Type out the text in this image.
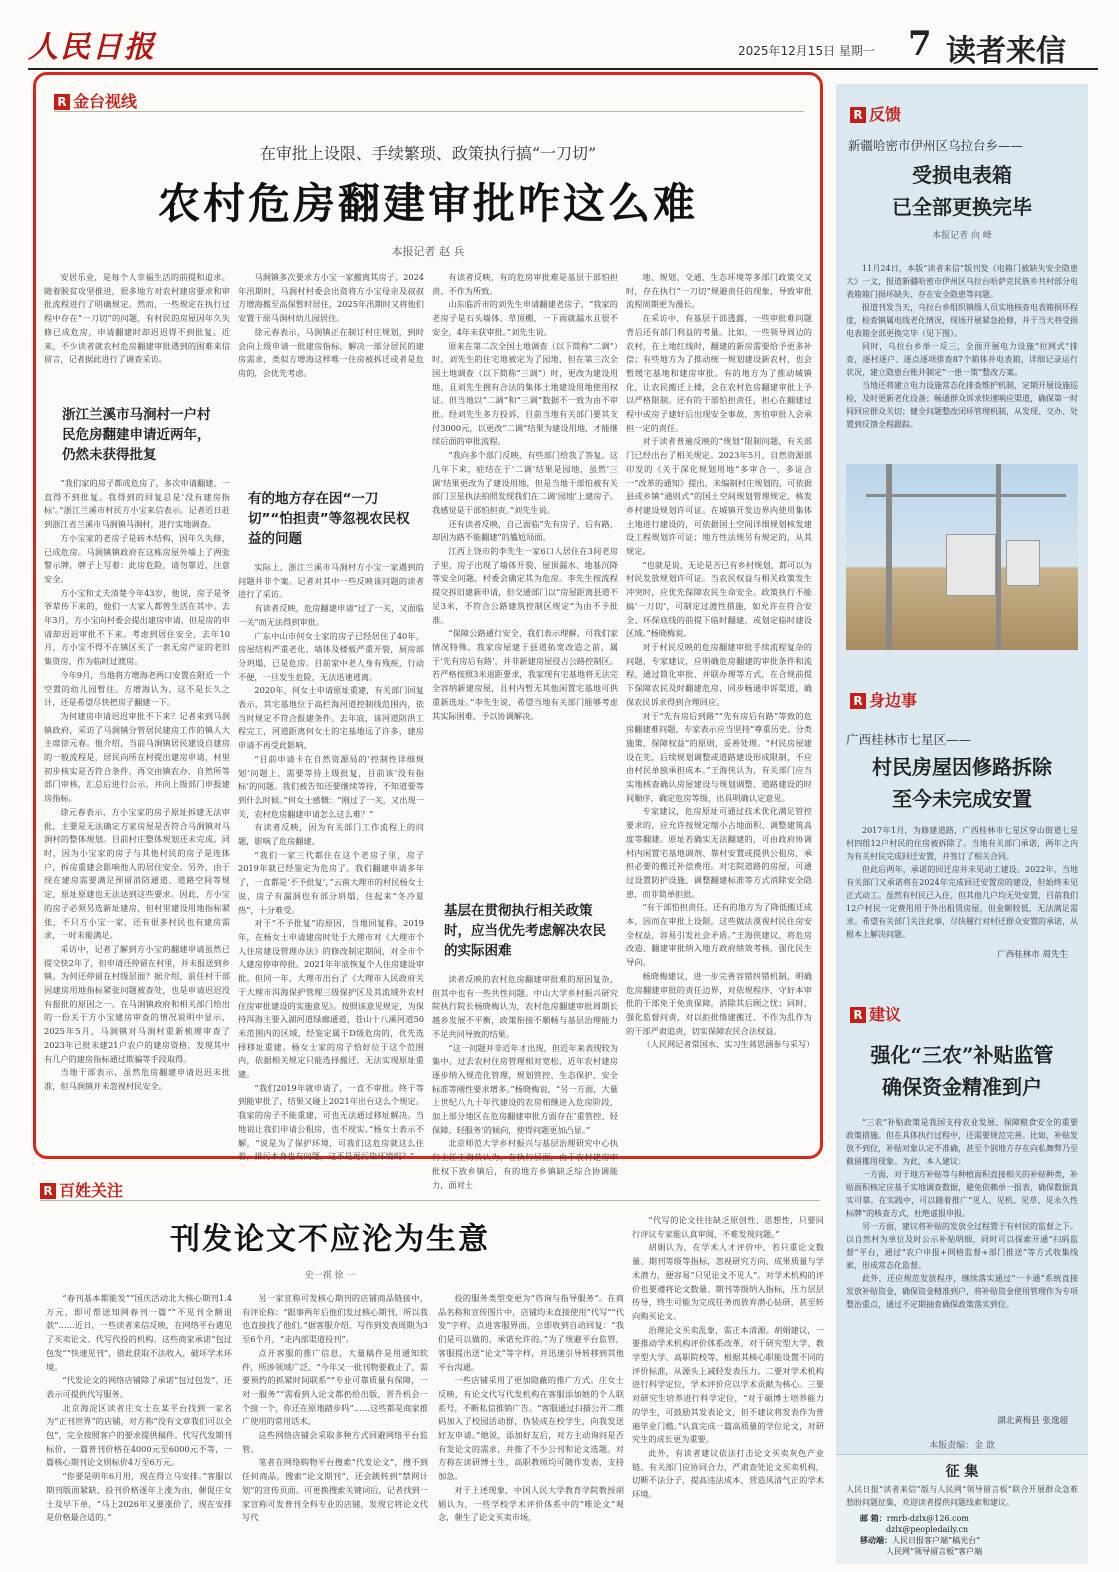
人民日报	2025年12月15日 星期一 7 读者来信
R 金台视线
在审批上设限、手续繁琐、政策执行搞“一刀切”
农村危房翻建审批咋这么难
本报记者 赵 兵

安居乐业，是每个人幸福生活的前提和追求。随着脱贫攻坚推进，很多地方对农村建房要求和审批流程进行了明确规定。然而，一些规定在执行过程中存在“一刀切”的问题，有村民的房屋因年久失修已成危房，申请翻建时却迟迟得不到批复。近来，不少读者就农村危房翻建审批遇到的困难来信留言，记者据此进行了调查采访。

浙江兰溪市马涧村一户村民危房翻建申请近两年，仍然未获得批复

“我们家的房子都成危房了，多次申请翻建，一直得不到批复。我得到的回复总是‘没有建房指标’。”浙江兰溪市村民方小宝来信表示。记者近日赶到浙江省兰溪市马涧镇马涧村，进行实地调查。

方小宝家的老房子是砖木结构，因年久失修，已成危房。马涧镇镇政府在这栋房屋外墙上了两张警示牌，牌子上写着：此房危险，请勿靠近，注意安全。

方小宝和丈夫清楚今年43岁，他说，房子是爷爷辈传下来的，他们一大家人都曾生活在其中。去年3月，方小宝向村委会提出建房申请，但是房的申请却迟迟审批不下来。考虑到居住安全，去年10月，方小宝不得不在镇区买了一套无房产证的老旧集资房，作为临时过渡房。

今年9月，当地将方增海老两口安置在附近一个空置的幼儿园暂住。方增海认为，这不是长久之计，还是希望尽快把房子翻建一下。

为何建房申请迟迟审批不下来？记者来到马涧镇政府，采访了马涧镇分管居民建房工作的镇人大主席徐元春。他介绍，当前马涧镇居民建设自建房的一般流程是，居民向所在村提出建房申请，村里初步核实是否符合条件，再交由镇农办、自然所等部门审核，汇总后进行公示，并向上级部门申报建房指标。

徐元春表示，方小宝家的房子原址拆建无法审批，主要是无法确定方家房屋是否符合马涧镇对马涧村的整体规划。目前村庄整体规划还未完成。同时，因为小宝家的房子与其他村民的房子是连体户，拆房重建会影响他人的居住安全。另外，由于现在建房需要满足预留消防通道、道路空间等规定，原址原建也无法达到这些要求。因此，方小宝的房子必须另选新址建房，但村里建设用地指标紧张，不只方小宝一家，还有很多村民也有建房需求，一时未能满足。

采访中，记者了解到方小宝的翻建申请虽然已提交快2年了，但申请还停留在村里，并未报送到乡镇。为何还停留在村级层面？据介绍，前任村干部因建房用地指标紧张问题被查处，也是申请迟迟没有报批的原因之一。在马涧镇政府和相关部门给出的一份关于方小宝建房审查的情况说明中显示，2025年5月，马涧镇对马涧村重新梳理审查了2023年已批未建21户农户的建房资格，发现其中有几户的建房指标通过欺骗等手段取得。

当地干部表示，虽然危房翻建申请迟迟未批准，但马涧镇并未忽视村民安全。

马涧镇多次要求方小宝一家搬离其房子。2024年汛期时，马涧村村委会出资将方小宝母亲及叔叔方增海搬至高保暂时居住，2025年汛期时又将他们安置于原马涧村幼儿园居住。

徐元春表示，马涧镇正在制订村庄规划，到时会向上级申请一批建房指标，解决一部分居民的建房需求，类似方增海这样唯一住房被拆迁或者是危房的，会优先考虑。

有的地方存在因“一刀切”“怕担责”等忽视农民权益的问题

实际上，浙江兰溪市马涧村方小宝一家遇到的问题并非个案。记者对其中一些反映该问题的读者进行了采访。

有读者反映，危房翻建申请“过了一关，又面临一关”而无法得到审批。

广东中山市何女士家的房子已经居住了40年，房屋结构严重老化，墙体及楼板严重开裂，厨房部分坍塌，已是危房。目前家中老人身有残疾，行动不便，一旦发生危险，无法迅速逃离。

2020年，何女士申请原址重建，有关部门回复表示，其宅基地位于高栏海河道控制线范围内，依当时规定不符合报建条件。去年底，该河道防洪工程完工，河道距离何女士的宅基地远了许多，建房申请不再受此影响。

“目前申请卡在自然资源局的‘控制性详细规划’问题上，需要等待上级批复，目前该‘没有指标’的问题。我们被告知还要继续等待，不知道要等到什么时候。”何女士感慨：“刚过了一关，又出现一关，农村危房翻建申请怎么这么难？”

有读者反映，因为有关部门工作流程上的问题，影响了危房翻建。

“我们一家三代都住在这个老房子里，房子2019年就已经鉴定为危房了。我们翻建申请多年了，一直都是‘不予批复’，”云南大理市的村民杨女士说，房子有漏洞也有部分坍塌，住起来“冬冷夏热”，十分难受。

对于“不予批复”的原因，当地回复称，2019年，在杨女士申请建房时处于大理市对《大理市个人住房建设管理办法》的修改制定期间，对全市个人建房停审停批。2021年年底恢复个人住房建设审批。但同一年，大理市出台了《大理市人民政府关于大理市洱海保护管理三级保护区及其流域外农村住房审批建设的实施意见》。按照该意见规定，为保持洱海主要入湖河道绿廊通道，苍山十八溪河道50米范围内的区域，经鉴定属于D级危房的，优先选择移址重建。杨女士家的房子恰好位于这个范围内，依据相关规定只能选择搬迁，无法实现原址重建。

“我们2019年就申请了，一直不审批。终于等到能审批了，结果又碰上2021年出台这么个规定。我家的房子不能重建，可也无法通过移址解决。当地说让我们申请公租房，也不现实。”杨女士表示不解，“说是为了保护环境，可我们这危房就这么住着，排污本身也有问题，这不是更污染环境吗？”

有读者反映，有的危房审批难是基层干部怕担责、不作为所致。

山东临沂市的刘先生申请翻建老房子，“我家的老房子是石头墙体、草顶棚，一下雨就漏水且很不安全，4年未获审批。”刘先生说。

原来在第二次全国土地调查（以下简称“二调”）时，刘先生的住宅地被定为了园地，但在第三次全国土地调查（以下简称“三调”）时，更改为建设用地，且刘先生拥有合法的集体土地建设用地使用权证。但当地以“二调”和“三调”数据不一致为由不审批。经刘先生多方投诉，目前当地有关部门要其支付3000元，以更改“二调”结果为建设用地，才能继续后面的审批流程。

“我向多个部门反映，有些部门给我了答复。这几年下来，症结在于‘二调’结果是园地，虽然‘三调’结果更改为了建设用地，但是当地干部怕被有关部门卫星执法拍照发现我们在二调‘园地’上建房子。我感觉是干部怕担责。”刘先生说。

还有读者反映，自己面临“先有房子，后有路，却因为路不能翻建”的尴尬局面。

江西上饶市的李先生一家6口人居住在3间老房子里，房子出现了墙体开裂、屋顶漏水、地基沉降等安全问题，村委会确定其为危房。李先生按流程提交拆旧建新申请，但交通部门以“房屋距离县道不足3米，不符合公路建筑控制区规定”为由不予批准。

“保障公路通行安全，我们表示理解，可我们家情况特殊。我家房屋建于县道拓宽改造之前，属于‘先有房后有路’，并非新建房屋侵占公路控制区。若严格按照3米退距要求，我家现有宅基地将无法完全容纳新建房屋，且村内暂无其他闲置宅基地可供重新选址。”李先生说，希望当地有关部门能够考虑其实际困难，予以协调解决。

基层在贯彻执行相关政策时，应当优先考虑解决农民的实际困难

读者反映的农村危房翻建审批难的原因复杂，但其中也有一些共性问题。中山大学乡村振兴研究院执行院长杨晓梅认为，农村危房翻建审批周期长越乡发展不平衡，政策衔接不顺畅与基层治理能力不足共同导致的结果。

“这一问题并非近年才出现，但近年来表现较为集中。过去农村住房管理相对宽松，近年农村建房逐步纳入规范化管理，规划管控、生态保护、安全标准等刚性要求增多。”杨晓梅说，“另一方面，大量上世纪八九十年代建设的农房相继进入危房阶段，加上部分地区在危房翻建审批方面存在‘重管控、轻保障、轻服务’的倾向，使得问题更加凸显。”

北京师范大学乡村振兴与基层治理研究中心执行主任王海侠认为，在执行层面，由于农村建房审批权下放乡镇后，有的地方乡镇缺乏综合协调能力，面对土

地、规划、交通、生态环境等多部门政策交叉时，存在执行“一刀切”规避责任的现象，导致审批流程周期更为漫长。

在采访中，有基层干部透露，一些审批难问题背后还有部门利益的考量。比如，一些领导周边的农村，在土地红线时，翻建的新房需要给予更多补偿；有些地方为了推动统一规划建设新农村，也会暂缓宅基地和建房审批。有的地方为了推动城镇化，让农民搬迁上楼，会在农村危房翻建审批上予以严格限制。还有的干部怕担责任，担心在翻建过程中或房子建好后出现安全事故，害怕审批人会承担一定的责任。

对于读者普遍反映的“规划”限制问题，有关部门已经出台了相关规定。2023年5月，自然资源部印发的《关于深化规划用地“多审合一、多证合一”改革的通知》提出，未编制村庄规划的，可依据县或乡镇“通则式”的国土空间规划管理规定，核发乡村建设规划许可证。在城镇开发边界内使用集体土地进行建设的，可依据国土空间详细规划核发建设工程规划许可证；地方性法规另有规定的，从其规定。

“也就是说，无论是否已有乡村规划，都可以为村民发放规划许可证。当农民权益与相关政策发生冲突时，应优先保障农民生命安全。政策执行不能搞‘一刀切’，可制定过渡性措施，如允许在符合安全、环保底线的前提下临时翻建，或划定临时建设区域。”杨晓梅说。

对于村民反映的危房翻建审批手续流程复杂的问题，专家建议，应明确危房翻建的审批条件和流程，通过简化审批、并联办理等方式，在合规前提下保障农民及时翻建危房，同步畅通申诉渠道，确保农民诉求得到合理回应。

对于“先有房后到路”“先有房后有路”等致的危房翻建难问题，专家表示应当坚持“尊重历史、分类施策、保障权益”的原则，妥善处理。“村民房屋建设在先，后续规划调整或道路建设形成限制，不应由村民单独承担成本。”王海侠认为，有关部门应当实地核查确认房屋建设与规划调整、道路建设的时间顺序，确定危房等级，出具明确认定意见。

专家建议，危房原址可通过技术优化满足管控要求的，应允许按规定缩小占地面积、调整建筑高度等翻建。原址若确实无法翻建的，可由政府协调村内闲置宅基地调剂、靠村安置或提供公租房，承担必要的搬迁补偿费用。对宅院道路的房屋，可通过设置防护设施、调整翻建标准等方式消除安全隐患，而非简单拒批。

“有干部怕担责任，还有的地方为了降低搬迁成本，因而在审批上设限。这些做法漠视村民住房安全权益，容易引发社会矛盾。”王海侠建议，将危房改造、翻建审批纳入地方政府绩效考核，强化民生导向。

杨晓梅建议，进一步完善容错纠错机制，明确危房翻建审批的责任边界，对依规程序、守好本审批的干部免于免责保障，消除其后顾之忧；同时，强化监督问责，对以拒批惰建搬迁、不作为乱作为的干部严肃追责，切实保障农民合法权益。

（人民网记者常国水、实习生蒋思涵参与采写）

R 反馈
新疆哈密市伊州区乌拉台乡——
受损电表箱
已全部更换完毕
本报记者 向 峰

11月24日，本版“读者来信”版刊发《电箱门被缺失安全隐患大》一文，报道新疆哈密市伊州区乌拉台哈萨克民族乡共村部分电表箱箱门损坏缺失、存在安全隐患等问题。

报道刊发当天，乌拉台乡组织镇级人员实地核查电表箱损坏程度，检查镇属电线老化情况，现场开展紧急抢修，并于当天将受损电表箱全部更换完毕（见下图）。

同时，乌拉台乡举一反三，全面开展电力设施“拉网式”排查，逐村逐户、逐点逐项排查87个箱体并电表箱，详细记录运行状况，建立隐患台账并制定“一患一策”整改方案。

当地还将建立电力设施常态化排查维护机制，定期开展设施巡检，及时更新老化设备；畅通群众诉求快速响应渠道，确保第一时间回应群众关切；健全问题整改闭环管理机制，从发现、交办、处置到反馈全程跟踪。

R 身边事
广西桂林市七星区——
村民房屋因修路拆除
至今未完成安置

2017年1月，为修建道路，广西桂林市七星区穿山街道七星村四组12户村民的住房被拆除了。当地有关部门承诺，两年之内为有关村民完成回迁安置，并签订了相关合同。

但此后两年，承诺的回迁房并未见动工建设。2022年，当地有关部门又承诺将在2024年完成回迁安置房的建设，但始终未见正式动工。虽然有村民已入住，但其他几户均无处安置，目前我们12户村民一定费用用于外出租赁房屋，但金额较低，无法满足需求。希望有关部门关注此事，尽快履行对村迁群众安置的承诺，从根本上解决问题。

广西桂林市 周先生
R 建议
强化“三农”补贴监管
确保资金精准到户

“三农”补贴政策是我国支持农业发展、保障粮食安全的重要政策措施。但在具体执行过程中，还需要规范完善。比如，补贴发放不到位，补贴对象认定不准确，甚至个别地方存在向私舞弊乃至截留挪用现象。为此，本人建议：

一方面，对于地方补贴等与种植面积直接相关的补贴种类，补贴面积核定应基于实地调查数据，避免依赖单一报表，确保数据真实可靠。在实践中，可以随着推广“见人、见机、见草、见永久性标牌”的核查方式，杜绝虚报申报。

另一方面，建议将补贴的发放全过程置于有村民的监督之下。以自然村为单位及时公示补贴明细，同时可以探索开通“扫码监督”平台，通过“农户申报+网格监督+部门推送”等方式收集线索，形成常态化监督。

此外，还应规范发放程序，继续落实通过“一卡通”系统直接发放补贴资金，确保资金精准到户，将补贴资金使用管理作为专项整治重点，通过不定期抽查确保政策落实到位。

湖北黄梅县 张逸超
本版责编：金 歆
征 集
人民日报“读者来信”版与人民网“领导留言板”联合开展群众急难愁盼问题征集，欢迎读者提供问题线索和建议。
邮 箱：rmrb-dzlx@126.com
dzlx@peopledaily.cn
移动端：人民日报客户端“稿光台”
人民网“领导留言板”客户端
R 百姓关注
刊发论文不应沦为生意
史一祺 徐 一

“春刊基本都能发”“国庆活动北大核心期刊1.4万元，即可帮送知网春刊一篇”“不见刊全额退款”……近日，一些读者来信反映，在网络平台遇见了买卖论文、代写代投的机构。这些商家承诺“包过包发”“快速见刊”，借此获取不法收入，破坏学术环境。

“代发论文的网络店铺除了承诺“包过包发”，还表示可提供代写服务。

北京海淀区读者庄女士在某平台找到一家名为“正刊世界”的店铺，对方称“没有文章我们可以全包”，完全按照客户的要求提供稿件。代写代发期刊标价，一篇普刊价格在4000元至6000元不等，一篇核心期刊论文则标价4万至6万元。

“你要是明年6月用，现在得立马安排。”客服以期刊版面紧缺、投刊价格逐年上涨为由，催促庄女士及早下单，“马上2026年又要涨价了，现在安排是价格最合适的。”

另一家宣称可发核心期刊的店铺商品链接中，有评论称：“跟事两年后他们发过核心期刊，所以我也直接找了他们。”据客服介绍，写作到发表周期为3至6个月，“走内部渠道投刊”。

点开客服的推广信息，大量稿件是用通知软件，所涉领域广泛。“今年又一批刊物要截止了，需要预约的抓紧时间联系”“专业可靠质量有保障，一对一服务”“需看到人论文都扔给出版，晋升机会一个接一个，你还在原地踏步吗”……这些都是商家推广使用的常用话术。

这些网络店铺会采取多种方式回避网络平台监管。

笔者在网络购物平台搜索“代发论文”，搜不到任何商品，搜索“论文期刊”，还会跳转到“禁网计划”的宣传页面。可更换搜索关键词后，记者找到一家宣称可发普刊全科专业的店铺，发现它将论文代写代

投的服务类型变更为“咨询与指导服务”。在商品名称和宣传图片中，店铺均未直接使用“代写”“代发”字样，点进客服界面，立即收到自动回复：“我们是可以做的，承诺允许的。”为了规避平台监管，客服提出送“论文”等字样，并迅速引导转移到其他平台沟通。

一些店铺采用了更加隐蔽的推广方式。庄女士反映，有论文代写代发机构在客服添加她的个人联系号，不断私信推销广告。“客服通过扫描公开二维码加入了校园活动群，伪装成在校学生，向我发送好友申请。”她说，添加好友后，对方主动询问是否有发论文的需求，并推了不少公刊和论文选题。对方称在读研博士生，高职教师均可随作发表，支持加急。

对于上述现象，中国人民大学教育学院教授胡娟认为，一些学校学术评价体系中的“唯论文”观念，催生了论文买卖市场，

“代写的论文往往缺乏原创性、思想性，只要同行评议专家能认真审阅，不难发现问题。”

胡娟认为，在学术人才评价中，若只重论文数量、期刊等级等指标，忽视研究方向、成果质量与学术潜力，便容易“只见论文不见人”。对学术机构的评价也要遵将论文数量、期刊等级纳入指标，压力层层传导，终生可能为完成任务而放弃潜心钻研，甚至转向购买论文。

治理论文买卖乱象，需正本清源。胡娟建议，一要推动学术机构评价体系改革，对于研究型大学、教学型大学、高职院校等，根据其核心职能设置不同的评价标准，从源头上减轻发表压力。二要对学术机构进行科学定位，学术评价应以学术贡献为核心。三要对研究生培养进行科学定位，“对于硕博士培养能力的学生，可鼓励其发表论文，但不建议将发表作为普遍毕业门槛。”认真完成一篇高质量的学位论文，对研究生的成长更为重要。

此外，有读者建议依法打击论文买卖灰色产业链。有关部门应协同合力，严肃查处论文买卖机构，切断不法分子，提高违法成本，营造风清气正的学术环境。
